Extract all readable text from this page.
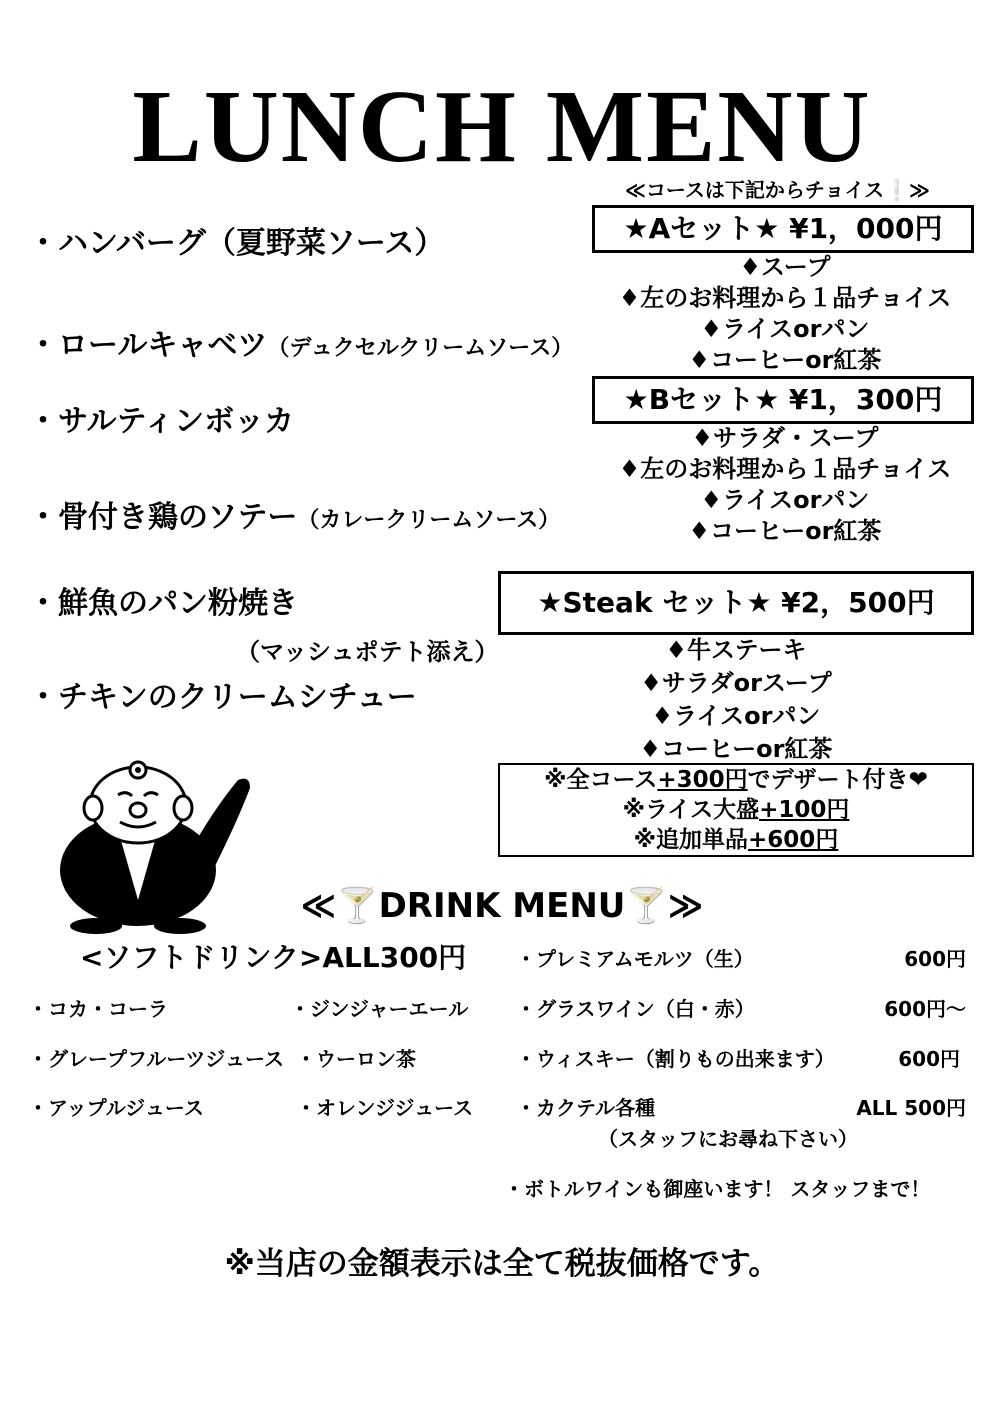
LUNCH MENU
≪コースは下記からチョイス❕≫
・ハンバーグ（夏野菜ソース）
・ロールキャベツ（デュクセルクリームソース）
・サルティンボッカ
・骨付き鶏のソテー（カレークリームソース）
・鮮魚のパン粉焼き
（マッシュポテト添え）
・チキンのクリームシチュー
★Aセット★ ¥1，000円
♦スープ
♦左のお料理から１品チョイス
♦ライスorパン
♦コーヒーor紅茶
★Bセット★ ¥1，300円
♦サラダ・スープ
♦左のお料理から１品チョイス
♦ライスorパン
♦コーヒーor紅茶
★Steak セット★ ¥2，500円
♦牛ステーキ
♦サラダorスープ
♦ライスorパン
♦コーヒーor紅茶
※全コース+300円でデザート付き❤
※ライス大盛+100円
※追加単品+600円
≪🍸DRINK MENU🍸≫
<ソフトドリンク>ALL300円
・コカ・コーラ	・ジンジャーエール
・グレープフルーツジュース ・ウーロン茶
・アップルジュース	・オレンジジュース
・プレミアムモルツ（生）	600円
・グラスワイン（白・赤）	600円～
・ウィスキー（割りもの出来ます）	600円
・カクテル各種	ALL 500円
（スタッフにお尋ね下さい）
・ボトルワインも御座います！ スタッフまで！
※当店の金額表示は全て税抜価格です。
